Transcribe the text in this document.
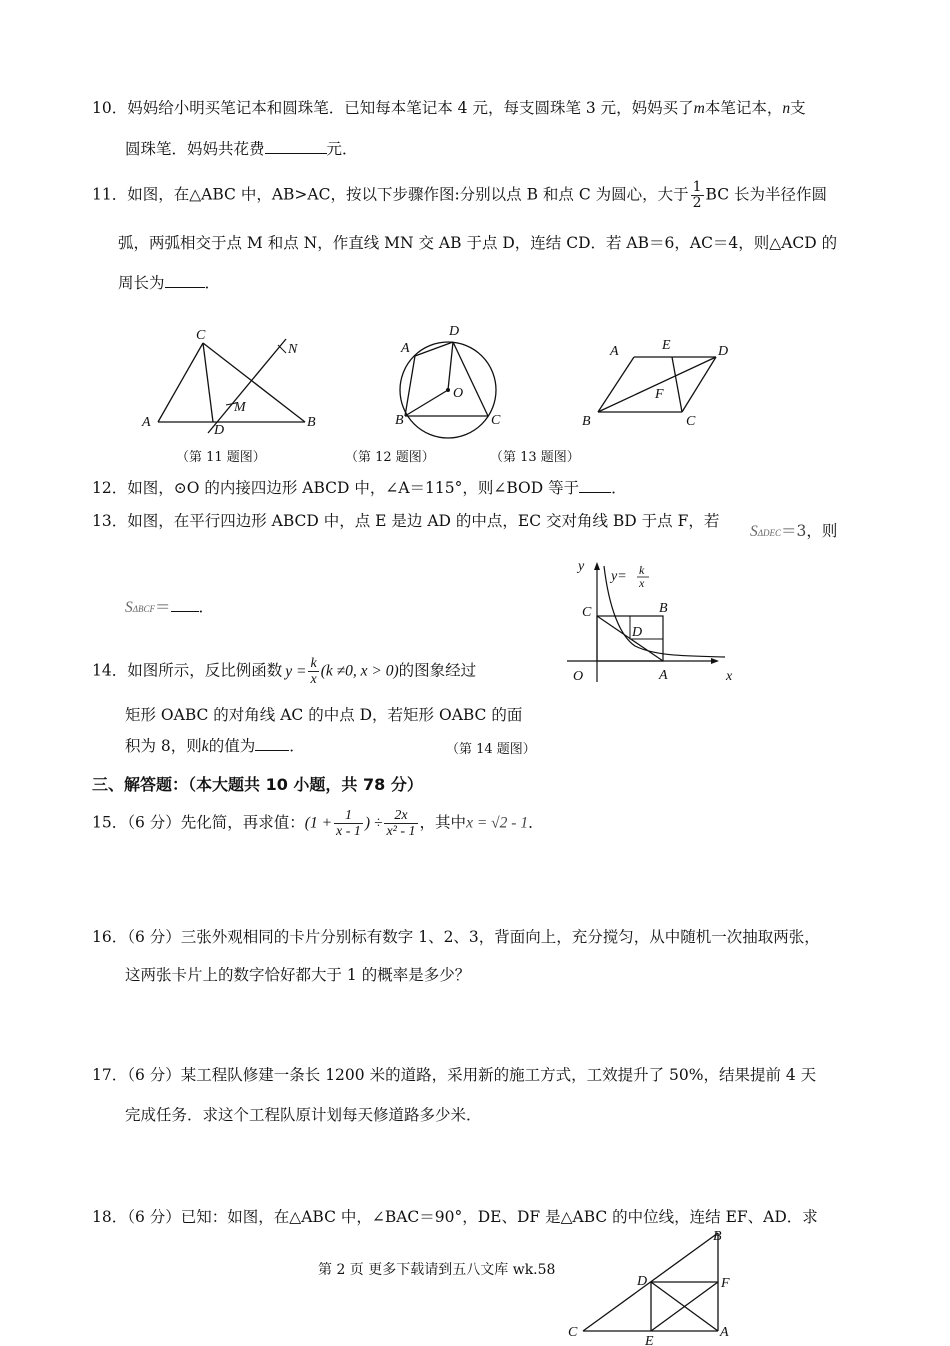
10．妈妈给小明买笔记本和圆珠笔．已知每本笔记本 4 元，每支圆珠笔 3 元，妈妈买了m本笔记本，n支
圆珠笔．妈妈共花费	元．
11．如图，在△ABC 中，AB>AC，按以下步骤作图:分别以点 B 和点 C 为圆心，大于 $\frac{1}{2}$ BC 长为半径作圆
弧，两弧相交于点 M 和点 N，作直线 MN 交 AB 于点 D，连结 CD．若 AB＝6，AC＝4，则△ACD 的
周长为	．
C
A	B
D
M
N
（第 11 题图）
D
A
O
B	C
（第 12 题图）
A	E	D
F
B	C
（第 13 题图）
12．如图，⊙O 的内接四边形 ABCD 中，∠A＝115°，则∠BOD 等于 ．
13．如图，在平行四边形 ABCD 中，点 E 是边 AD 的中点，EC 交对角线 BD 于点 F，若
SΔDEC＝3，则
SΔBCF＝ ．
y
y= k
x
C	B
D
O	A	x
14．如图所示，反比例函数 $y = \frac{k}{x} (k \ne 0$, x > 0)的图象经过
矩形 OABC 的对角线 AC 的中点 D，若矩形 OABC 的面
积为 8，则k的值为 ．	（第 14 题图）
三、解答题：（本大题共 10 小题，共 78 分）
15．（6 分）先化简，再求值：($1 + \frac{1}{x - 1}$ ) ÷ $\frac{2x}{\text{x² - 1}}$ ，其中x = √2 - 1．
16．（6 分）三张外观相同的卡片分别标有数字 1、2、3，背面向上，充分搅匀，从中随机一次抽取两张，
这两张卡片上的数字恰好都大于 1 的概率是多少？
17．（6 分）某工程队修建一条长 1200 米的道路，采用新的施工方式，工效提升了 50%，结果提前 4 天
完成任务．求这个工程队原计划每天修道路多少米．
18．（6 分）已知：如图，在△ABC 中，∠BAC＝90°，DE、DF 是△ABC 的中位线，连结 EF、AD．求
第 2 页 更多下载请到五八文库 wk.58
B
D	F
C
E
A
